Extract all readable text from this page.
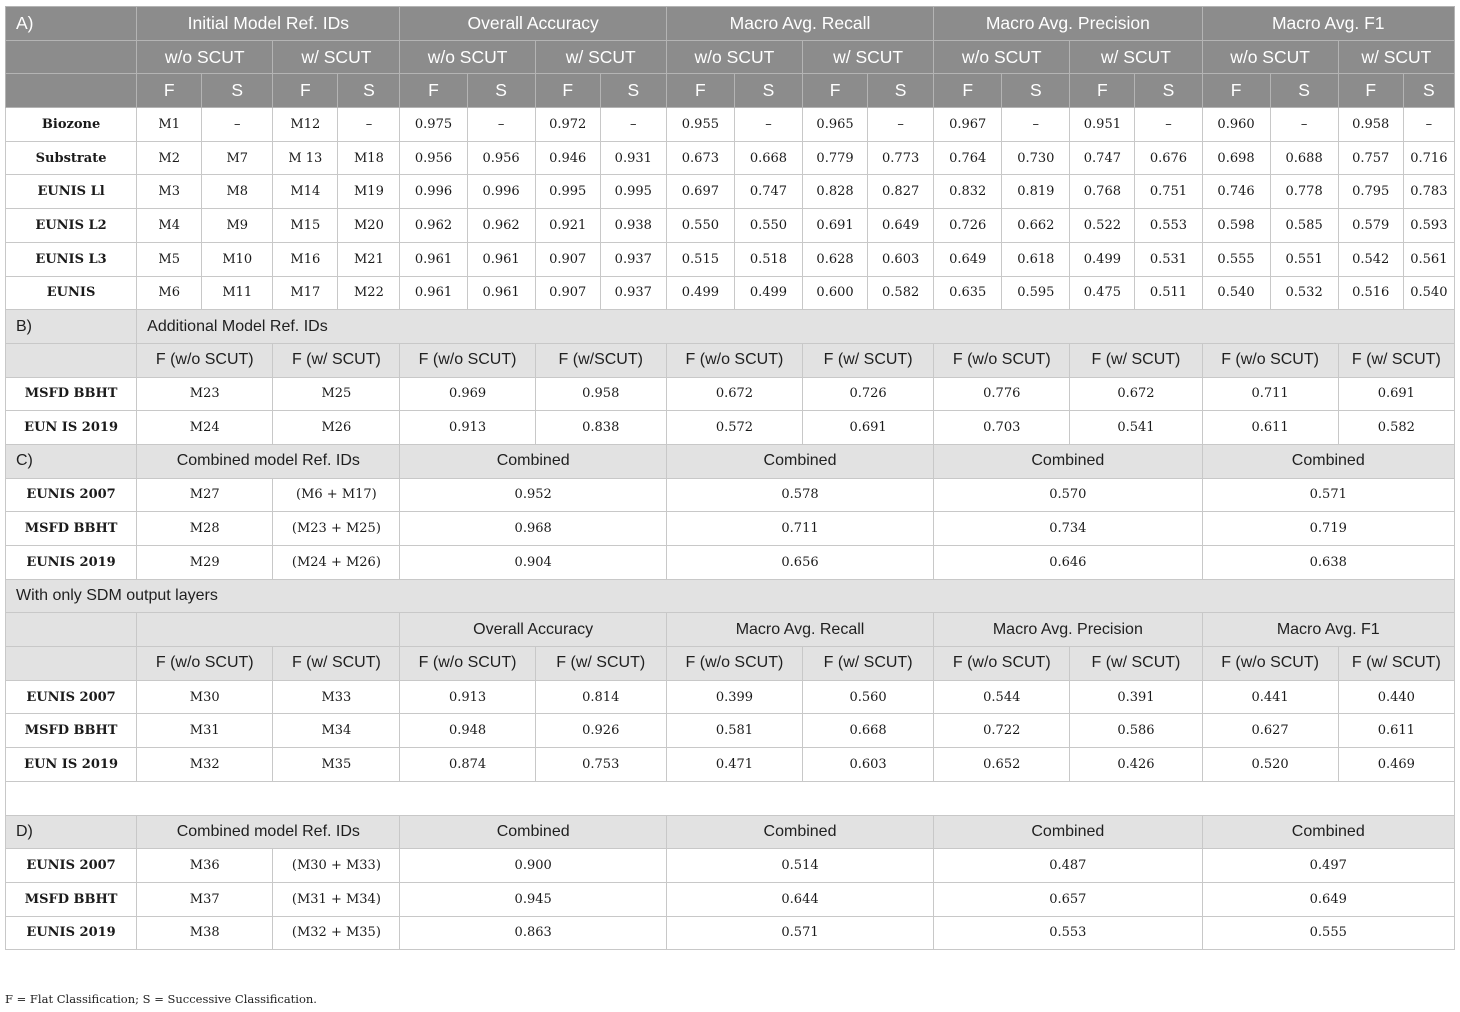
A)	Initial Model Ref. IDs				Overall Accuracy				Macro Avg. Recall				Macro Avg. Precision				Macro Avg. F1			
	w/o SCUT		w/ SCUT		w/o SCUT		w/ SCUT		w/o SCUT		w/ SCUT		w/o SCUT		w/ SCUT		w/o SCUT		w/ SCUT	
	F	S	F	S	F	S	F	S	F	S	F	S	F	S	F	S	F	S	F	S
Biozone	M1	–	M12	–	0.975	–	0.972	–	0.955	–	0.965	–	0.967	–	0.951	–	0.960	–	0.958	–
Substrate	M2	M7	M 13	M18	0.956	0.956	0.946	0.931	0.673	0.668	0.779	0.773	0.764	0.730	0.747	0.676	0.698	0.688	0.757	0.716
EUNIS Ll	M3	M8	M14	M19	0.996	0.996	0.995	0.995	0.697	0.747	0.828	0.827	0.832	0.819	0.768	0.751	0.746	0.778	0.795	0.783
EUNIS L2	M4	M9	M15	M20	0.962	0.962	0.921	0.938	0.550	0.550	0.691	0.649	0.726	0.662	0.522	0.553	0.598	0.585	0.579	0.593
EUNIS L3	M5	M10	M16	M21	0.961	0.961	0.907	0.937	0.515	0.518	0.628	0.603	0.649	0.618	0.499	0.531	0.555	0.551	0.542	0.561
EUNIS	M6	M11	M17	M22	0.961	0.961	0.907	0.937	0.499	0.499	0.600	0.582	0.635	0.595	0.475	0.511	0.540	0.532	0.516	0.540
B)	Additional Model Ref. IDs																			
	F (w/o SCUT)		F (w/ SCUT)		F (w/o SCUT)		F (w/SCUT)		F (w/o SCUT)		F (w/ SCUT)		F (w/o SCUT)		F (w/ SCUT)		F (w/o SCUT)		F (w/ SCUT)	
MSFD BBHT	M23		M25		0.969		0.958		0.672		0.726		0.776		0.672		0.711		0.691	
EUN IS 2019	M24		M26		0.913		0.838		0.572		0.691		0.703		0.541		0.611		0.582	
C)	Combined model Ref. IDs				Combined				Combined				Combined				Combined			
EUNIS 2007	M27		(M6 + M17)		0.952				0.578				0.570				0.571			
MSFD BBHT	M28		(M23 + M25)		0.968				0.711				0.734				0.719			
EUNIS 2019	M29		(M24 + M26)		0.904				0.656				0.646				0.638			
With only SDM output layers																				
					Overall Accuracy				Macro Avg. Recall				Macro Avg. Precision				Macro Avg. F1			
	F (w/o SCUT)		F (w/ SCUT)		F (w/o SCUT)		F (w/ SCUT)		F (w/o SCUT)		F (w/ SCUT)		F (w/o SCUT)		F (w/ SCUT)		F (w/o SCUT)		F (w/ SCUT)	
EUNIS 2007	M30		M33		0.913		0.814		0.399		0.560		0.544		0.391		0.441		0.440	
MSFD BBHT	M31		M34		0.948		0.926		0.581		0.668		0.722		0.586		0.627		0.611	
EUN IS 2019	M32		M35		0.874		0.753		0.471		0.603		0.652		0.426		0.520		0.469	

D)	Combined model Ref. IDs				Combined				Combined				Combined				Combined			
EUNIS 2007	M36		(M30 + M33)		0.900				0.514				0.487				0.497			
MSFD BBHT	M37		(M31 + M34)		0.945				0.644				0.657				0.649			
EUNIS 2019	M38		(M32 + M35)		0.863				0.571				0.553				0.555			
F = Flat Classification; S = Successive Classification.
